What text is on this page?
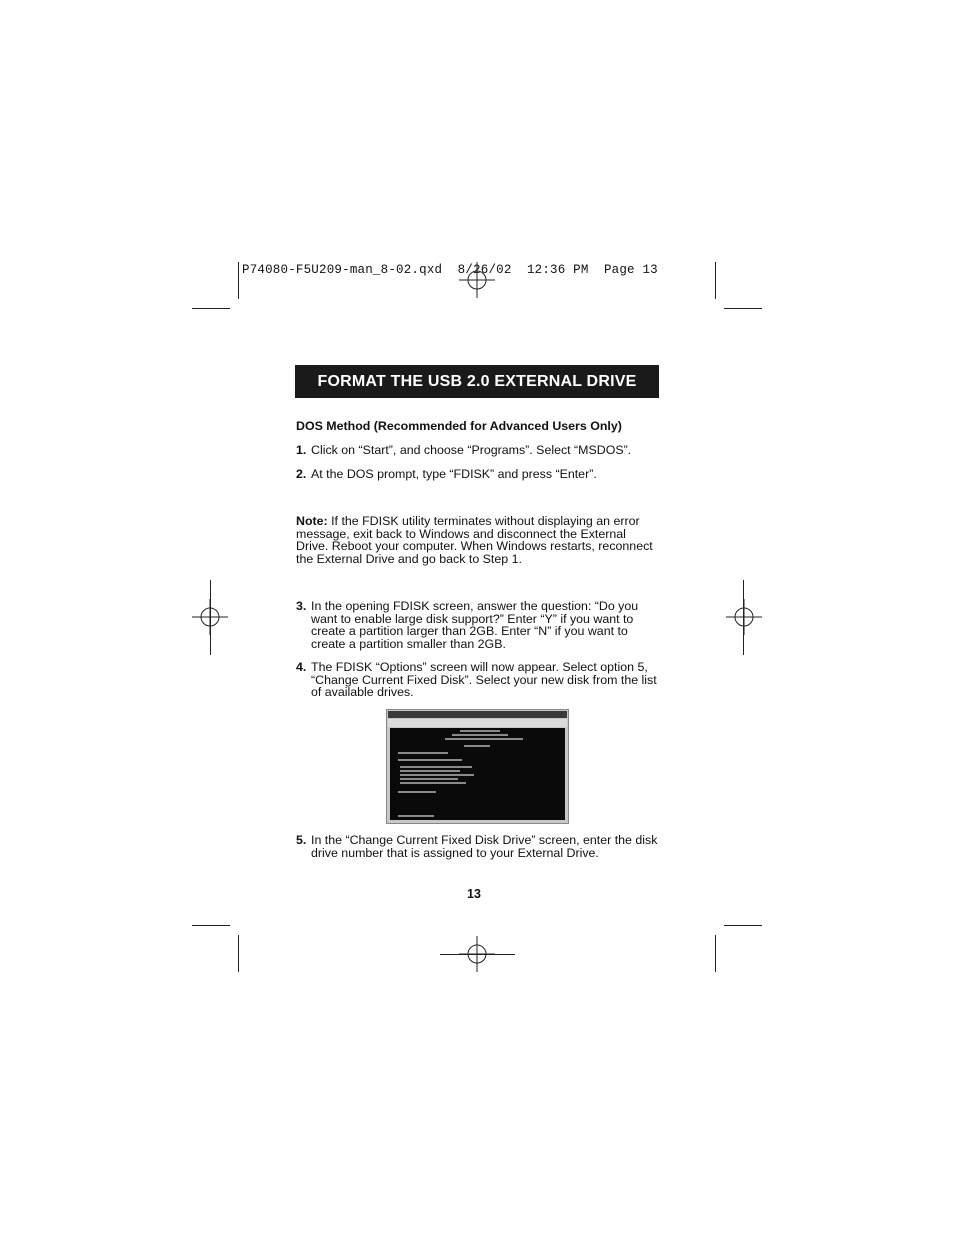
P74080-F5U209-man_8-02.qxd  8/26/02  12:36 PM  Page 13
FORMAT THE USB 2.0 EXTERNAL DRIVE
DOS Method (Recommended for Advanced Users Only)
1. Click on “Start”, and choose “Programs”. Select “MSDOS”.
2. At the DOS prompt, type “FDISK” and press “Enter”.
Note: If the FDISK utility terminates without displaying an error message, exit back to Windows and disconnect the External Drive. Reboot your computer. When Windows restarts, reconnect the External Drive and go back to Step 1.
3. In the opening FDISK screen, answer the question: “Do you want to enable large disk support?” Enter “Y” if you want to create a partition larger than 2GB. Enter “N” if you want to create a partition smaller than 2GB.
4. The FDISK “Options” screen will now appear. Select option 5, “Change Current Fixed Disk”. Select your new disk from the list of available drives.
5. In the “Change Current Fixed Disk Drive” screen, enter the disk drive number that is assigned to your External Drive.
13
